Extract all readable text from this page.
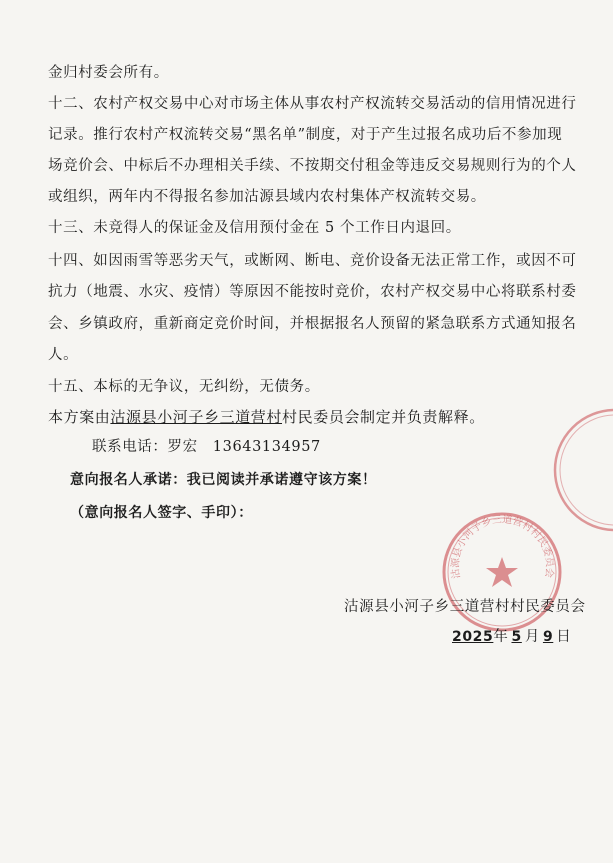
金归村委会所有。
十二、农村产权交易中心对市场主体从事农村产权流转交易活动的信用情况进行
记录。推行农村产权流转交易“黑名单”制度，对于产生过报名成功后不参加现
场竞价会、中标后不办理相关手续、不按期交付租金等违反交易规则行为的个人
或组织，两年内不得报名参加沽源县域内农村集体产权流转交易。
十三、未竞得人的保证金及信用预付金在 5 个工作日内退回。
十四、如因雨雪等恶劣天气，或断网、断电、竞价设备无法正常工作，或因不可
抗力（地震、水灾、疫情）等原因不能按时竞价，农村产权交易中心将联系村委
会、乡镇政府，重新商定竞价时间，并根据报名人预留的紧急联系方式通知报名
人。
十五、本标的无争议，无纠纷，无债务。
本方案由沽源县小河子乡三道营村村民委员会制定并负责解释。
联系电话：罗宏　13643134957
意向报名人承诺：我已阅读并承诺遵守该方案！
（意向报名人签字、手印）：
沽源县小河子乡三道营村村民委员会
沽源县小河子乡三道营村村民委员会
2025年 5 月 9 日
